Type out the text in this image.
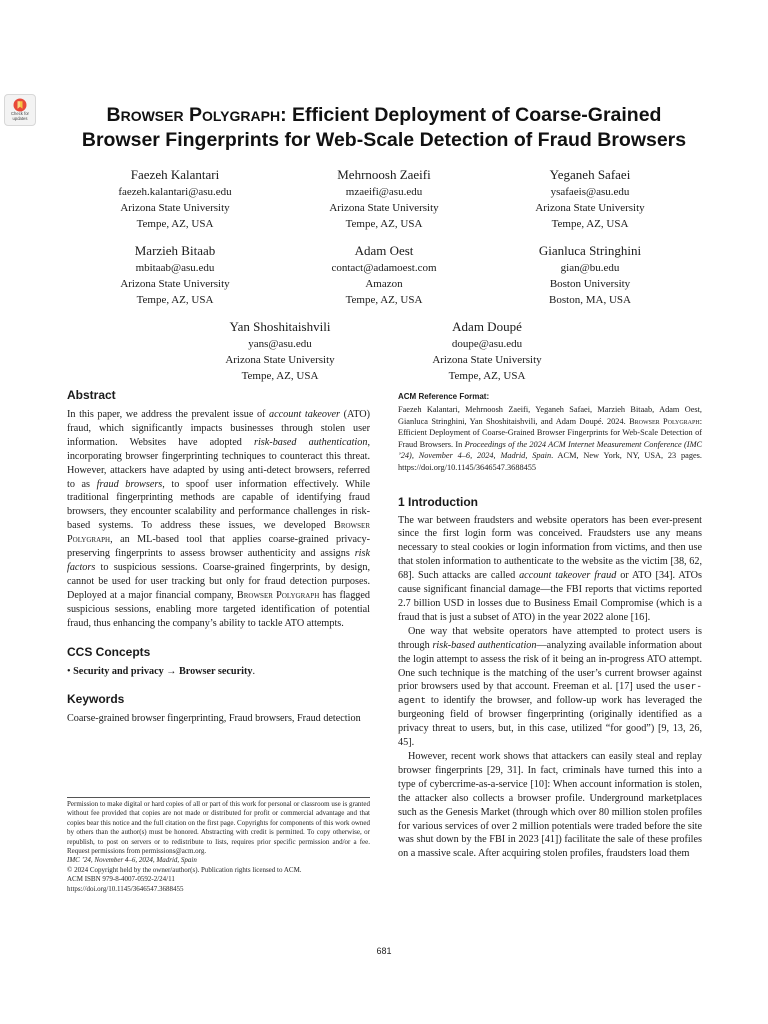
Check for
updates	Browser Polygraph: Efficient Deployment of Coarse-Grained
Browser Fingerprints for Web-Scale Detection of Fraud Browsers
Faezeh Kalantari
faezeh.kalantari@asu.edu
Arizona State University
Tempe, AZ, USA
Mehrnoosh Zaeifi
mzaeifi@asu.edu
Arizona State University
Tempe, AZ, USA
Yeganeh Safaei
ysafaeis@asu.edu
Arizona State University
Tempe, AZ, USA
Marzieh Bitaab
mbitaab@asu.edu
Arizona State University
Tempe, AZ, USA
Adam Oest
contact@adamoest.com
Amazon
Tempe, AZ, USA
Gianluca Stringhini
gian@bu.edu
Boston University
Boston, MA, USA
Yan Shoshitaishvili
yans@asu.edu
Arizona State University
Tempe, AZ, USA
Adam Doupé
doupe@asu.edu
Arizona State University
Tempe, AZ, USA
Abstract

In this paper, we address the prevalent issue of account takeover (ATO) fraud, which significantly impacts businesses through stolen user information. Websites have adopted risk-based authentication, incorporating browser fingerprinting techniques to counteract this threat. However, attackers have adapted by using anti-detect browsers, referred to as fraud browsers, to spoof user information effectively. While traditional fingerprinting methods are capable of identifying fraud browsers, they encounter scalability and performance challenges in risk-based systems. To address these issues, we developed Browser Polygraph, an ML-based tool that applies coarse-grained privacy-preserving fingerprints to assess browser authenticity and assigns risk factors to suspicious sessions. Coarse-grained fingerprints, by design, cannot be used for user tracking but only for fraud detection purposes. Deployed at a major financial company, Browser Polygraph has flagged suspicious sessions, enabling more targeted identification of potential fraud, thus enhancing the company’s ability to tackle ATO attempts.

CCS Concepts

• Security and privacy → Browser security.

Keywords

Coarse-grained browser fingerprinting, Fraud browsers, Fraud detection

Permission to make digital or hard copies of all or part of this work for personal or classroom use is granted without fee provided that copies are not made or distributed for profit or commercial advantage and that copies bear this notice and the full citation on the first page. Copyrights for components of this work owned by others than the author(s) must be honored. Abstracting with credit is permitted. To copy otherwise, or republish, to post on servers or to redistribute to lists, requires prior specific permission and/or a fee. Request permissions from permissions@acm.org.

IMC ’24, November 4–6, 2024, Madrid, Spain

© 2024 Copyright held by the owner/author(s). Publication rights licensed to ACM.

ACM ISBN 979-8-4007-0592-2/24/11

https://doi.org/10.1145/3646547.3688455

ACM Reference Format:

Faezeh Kalantari, Mehrnoosh Zaeifi, Yeganeh Safaei, Marzieh Bitaab, Adam Oest, Gianluca Stringhini, Yan Shoshitaishvili, and Adam Doupé. 2024. Browser Polygraph: Efficient Deployment of Coarse-Grained Browser Fingerprints for Web-Scale Detection of Fraud Browsers. In Proceedings of the 2024 ACM Internet Measurement Conference (IMC ’24), November 4–6, 2024, Madrid, Spain. ACM, New York, NY, USA, 23 pages. https://doi.org/10.1145/3646547.3688455

1 Introduction

The war between fraudsters and website operators has been ever-present since the first login form was conceived. Fraudsters use any means necessary to steal cookies or login information from victims, and then use that stolen information to authenticate to the website as the victim [38, 62, 68]. Such attacks are called account takeover fraud or ATO [34]. ATOs cause significant financial damage—the FBI reports that victims reported 2.7 billion USD in losses due to Business Email Compromise (which is a fraud that is just a subset of ATO) in the year 2022 alone [16].

One way that website operators have attempted to protect users is through risk-based authentication—analyzing available information about the login attempt to assess the risk of it being an in-progress ATO attempt. One such technique is the matching of the user’s current browser against prior browsers used by that account. Freeman et al. [17] used the user-agent to identify the browser, and follow-up work has leveraged the burgeoning field of browser fingerprinting (originally identified as a privacy threat to users, but, in this case, utilized “for good”) [9, 13, 26, 45].

However, recent work shows that attackers can easily steal and replay browser fingerprints [29, 31]. In fact, criminals have turned this into a type of cybercrime-as-a-service [10]: When account information is stolen, the attacker also collects a browser profile. Underground marketplaces such as the Genesis Market (through which over 80 million stolen profiles for various services of over 2 million potentials were traded before the site was shut down by the FBI in 2023 [41]) facilitate the sale of these profiles on a massive scale. After acquiring stolen profiles, fraudsters load them

681
